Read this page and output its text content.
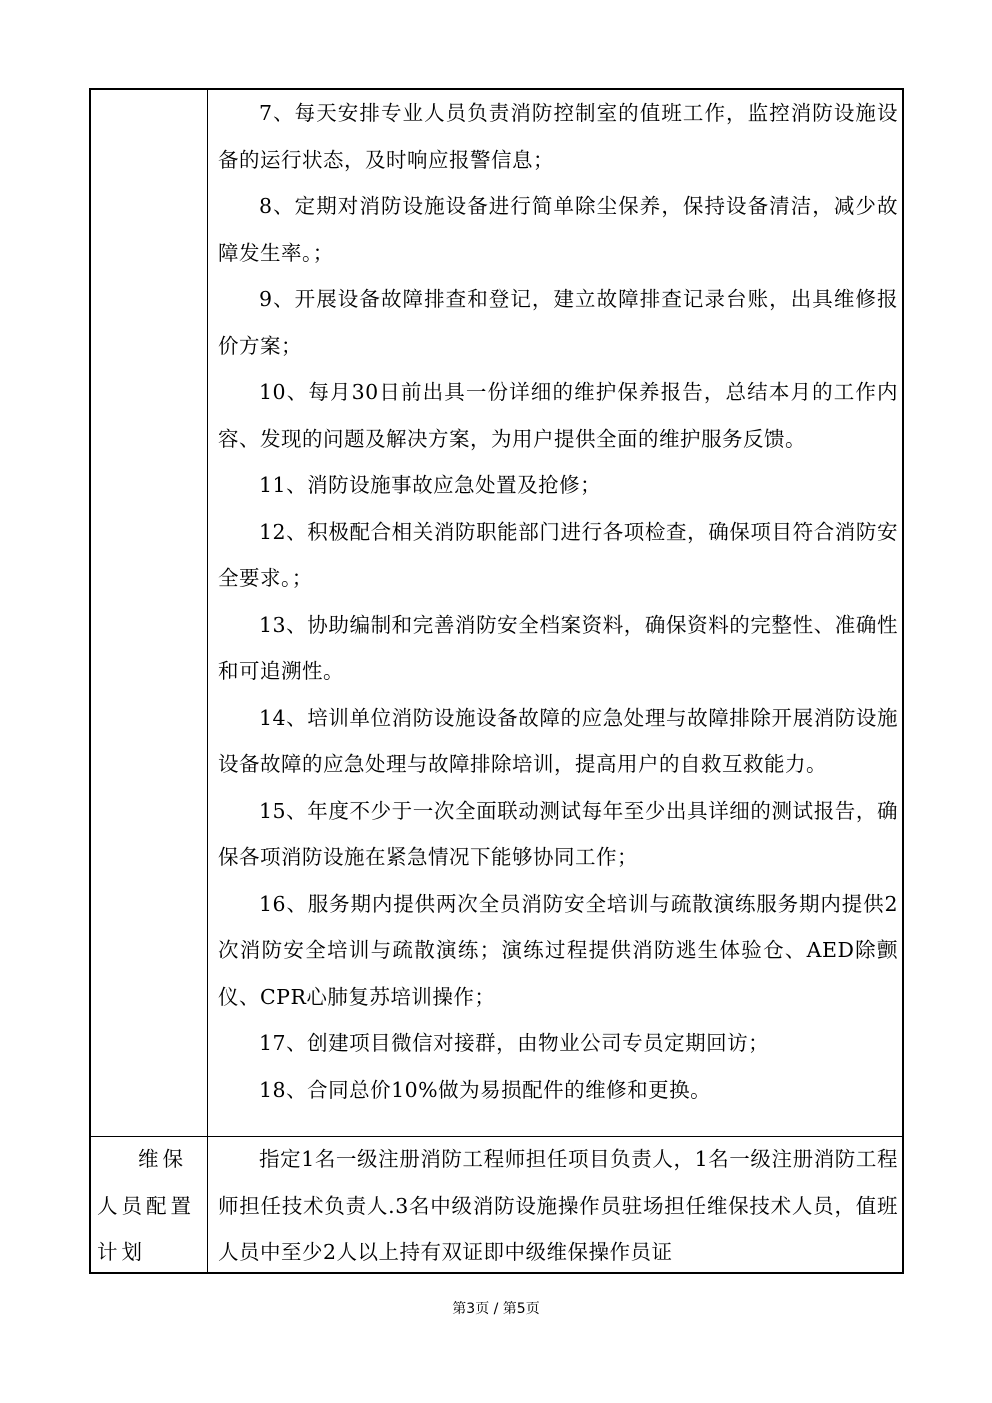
7、每天安排专业人员负责消防控制室的值班工作，监控消防设施设备的运行状态，及时响应报警信息；

8、定期对消防设施设备进行简单除尘保养，保持设备清洁，减少故障发生率。；

9、开展设备故障排查和登记，建立故障排查记录台账，出具维修报价方案；

10、每月30日前出具一份详细的维护保养报告，总结本月的工作内容、发现的问题及解决方案，为用户提供全面的维护服务反馈。

11、消防设施事故应急处置及抢修；

12、积极配合相关消防职能部门进行各项检查，确保项目符合消防安全要求。；

13、协助编制和完善消防安全档案资料，确保资料的完整性、准确性和可追溯性。

14、培训单位消防设施设备故障的应急处理与故障排除开展消防设施设备故障的应急处理与故障排除培训，提高用户的自救互救能力。

15、年度不少于一次全面联动测试每年至少出具详细的测试报告，确保各项消防设施在紧急情况下能够协同工作；

16、服务期内提供两次全员消防安全培训与疏散演练服务期内提供2次消防安全培训与疏散演练；演练过程提供消防逃生体验仓、AED除颤仪、CPR心肺复苏培训操作；

17、创建项目微信对接群，由物业公司专员定期回访；

18、合同总价10%做为易损配件的维修和更换。

维保

人员配置

计划

指定1名一级注册消防工程师担任项目负责人，1名一级注册消防工程师担任技术负责人.3名中级消防设施操作员驻场担任维保技术人员，值班人员中至少2人以上持有双证即中级维保操作员证

第3页 / 第5页
